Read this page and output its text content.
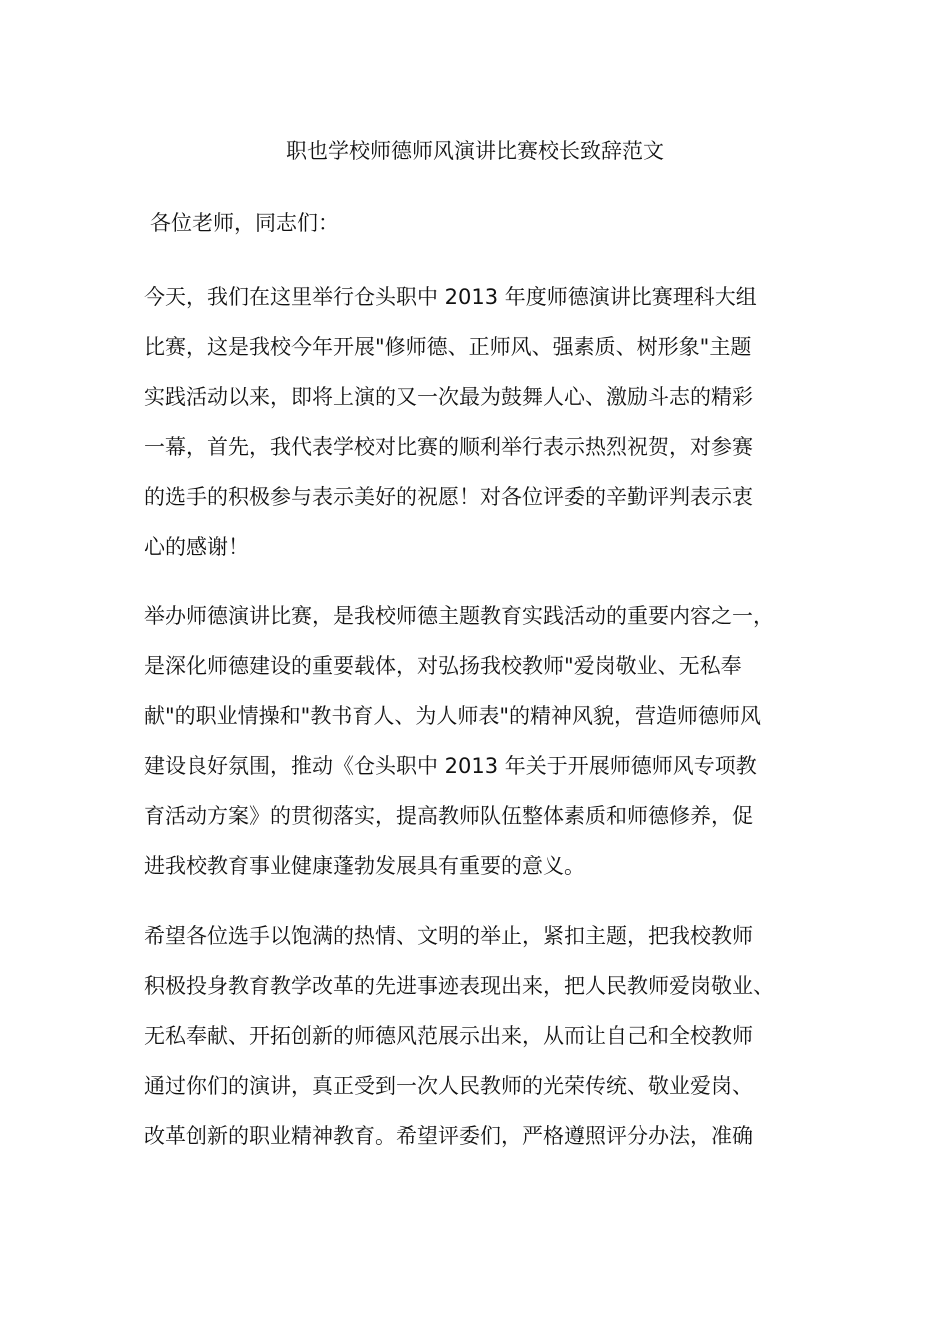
职也学校师德师风演讲比赛校长致辞范文
各位老师，同志们：
今天，我们在这里举行仓头职中 2013 年度师德演讲比赛理科大组
比赛，这是我校今年开展"修师德、正师风、强素质、树形象"主题
实践活动以来，即将上演的又一次最为鼓舞人心、激励斗志的精彩
一幕，首先，我代表学校对比赛的顺利举行表示热烈祝贺，对参赛
的选手的积极参与表示美好的祝愿！对各位评委的辛勤评判表示衷
心的感谢！
举办师德演讲比赛，是我校师德主题教育实践活动的重要内容之一，
是深化师德建设的重要载体，对弘扬我校教师"爱岗敬业、无私奉
献"的职业情操和"教书育人、为人师表"的精神风貌，营造师德师风
建设良好氛围，推动《仓头职中 2013 年关于开展师德师风专项教
育活动方案》的贯彻落实，提高教师队伍整体素质和师德修养，促
进我校教育事业健康蓬勃发展具有重要的意义。
希望各位选手以饱满的热情、文明的举止，紧扣主题，把我校教师
积极投身教育教学改革的先进事迹表现出来，把人民教师爱岗敬业、
无私奉献、开拓创新的师德风范展示出来，从而让自己和全校教师
通过你们的演讲，真正受到一次人民教师的光荣传统、敬业爱岗、
改革创新的职业精神教育。希望评委们，严格遵照评分办法，准确
